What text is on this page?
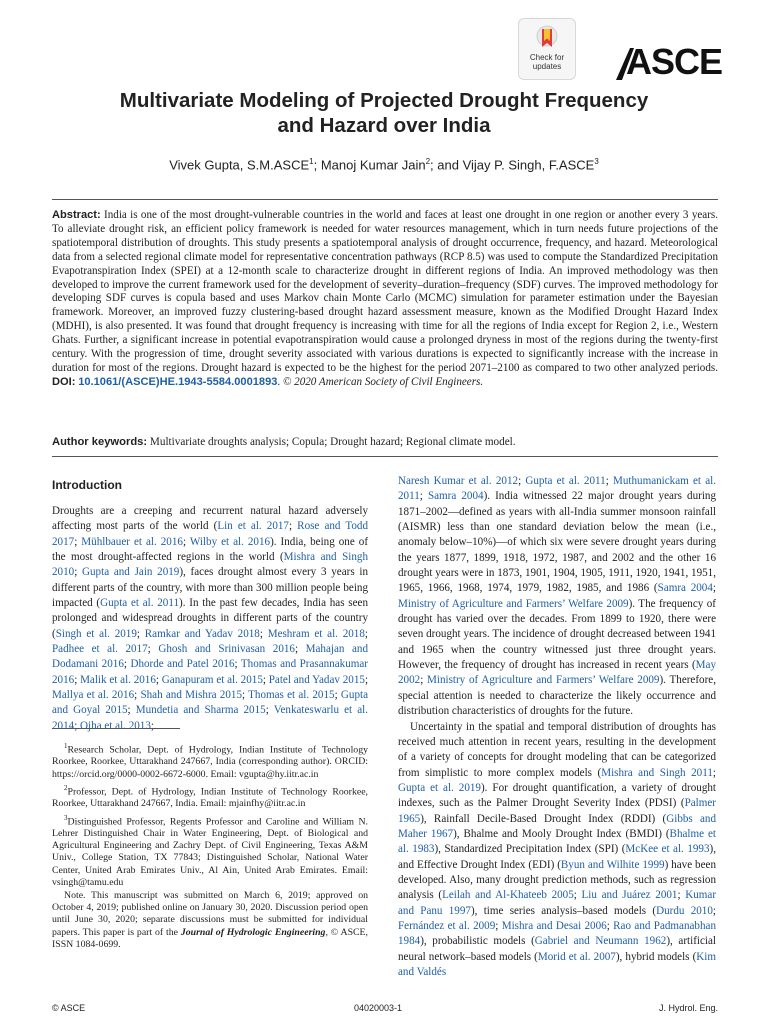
Check for
updates	ASCE
Multivariate Modeling of Projected Drought Frequency and Hazard over India
Vivek Gupta, S.M.ASCE$^1$; Manoj Kumar Jain$^2$; and Vijay P. Singh, F.ASCE$^3$

Abstract: India is one of the most drought-vulnerable countries in the world and faces at least one drought in one region or another every 3 years. To alleviate drought risk, an efficient policy framework is needed for water resources management, which in turn needs future projections of the spatiotemporal distribution of droughts. This study presents a spatiotemporal analysis of drought occurrence, frequency, and hazard. Meteorological data from a selected regional climate model for representative concentration pathways (RCP 8.5) was used to compute the Standardized Precipitation Evapotranspiration Index (SPEI) at a 12-month scale to characterize drought in different regions of India. An improved methodology was then developed to improve the current framework used for the development of severity–duration–frequency (SDF) curves. The improved methodology for developing SDF curves is copula based and uses Markov chain Monte Carlo (MCMC) simulation for parameter estimation under the Bayesian framework. Moreover, an improved fuzzy clustering-based drought hazard assessment measure, known as the Modified Drought Hazard Index (MDHI), is also presented. It was found that drought frequency is increasing with time for all the regions of India except for Region 2, i.e., Western Ghats. Further, a significant increase in potential evapotranspiration would cause a prolonged dryness in most of the regions during the twenty-first century. With the progression of time, drought severity associated with various durations is expected to significantly increase with the increase in duration for most of the regions. Drought hazard is expected to be the highest for the period 2071–2100 as compared to two other analyzed periods. DOI: 10.1061/(ASCE)HE.1943-5584.0001893. © 2020 American Society of Civil Engineers.

Author keywords: Multivariate droughts analysis; Copula; Drought hazard; Regional climate model.

Introduction

Droughts are a creeping and recurrent natural hazard adversely affecting most parts of the world (Lin et al. 2017; Rose and Todd 2017; Mühlbauer et al. 2016; Wilby et al. 2016). India, being one of the most drought-affected regions in the world (Mishra and Singh 2010; Gupta and Jain 2019), faces drought almost every 3 years in different parts of the country, with more than 300 million people being impacted (Gupta et al. 2011). In the past few decades, India has seen prolonged and widespread droughts in different parts of the country (Singh et al. 2019; Ramkar and Yadav 2018; Meshram et al. 2018; Padhee et al. 2017; Ghosh and Srinivasan 2016; Mahajan and Dodamani 2016; Dhorde and Patel 2016; Thomas and Prasannakumar 2016; Malik et al. 2016; Ganapuram et al. 2015; Patel and Yadav 2015; Mallya et al. 2016; Shah and Mishra 2015; Thomas et al. 2015; Gupta and Goyal 2015; Mundetia and Sharma 2015; Venkateswarlu et al. 2014; Ojha et al. 2013;

Naresh Kumar et al. 2012; Gupta et al. 2011; Muthumanickam et al. 2011; Samra 2004). India witnessed 22 major drought years during 1871–2002—defined as years with all-India summer monsoon rainfall (AISMR) less than one standard deviation below the mean (i.e., anomaly below–10%)—of which six were severe drought years during the years 1877, 1899, 1918, 1972, 1987, and 2002 and the other 16 drought years were in 1873, 1901, 1904, 1905, 1911, 1920, 1941, 1951, 1965, 1966, 1968, 1974, 1979, 1982, 1985, and 1986 (Samra 2004; Ministry of Agriculture and Farmers’ Welfare 2009). The frequency of drought has varied over the decades. From 1899 to 1920, there were seven drought years. The incidence of drought decreased between 1941 and 1965 when the country witnessed just three drought years. However, the frequency of drought has increased in recent years (May 2002; Ministry of Agriculture and Farmers’ Welfare 2009). Therefore, special attention is needed to characterize the likely occurrence and distribution characteristics of droughts for the future.

Uncertainty in the spatial and temporal distribution of droughts has received much attention in recent years, resulting in the development of a variety of concepts for drought modeling that can be categorized from simplistic to more complex models (Mishra and Singh 2011; Gupta et al. 2019). For drought quantification, a variety of drought indexes, such as the Palmer Drought Severity Index (PDSI) (Palmer 1965), Rainfall Decile-Based Drought Index (RDDI) (Gibbs and Maher 1967), Bhalme and Mooly Drought Index (BMDI) (Bhalme et al. 1983), Standardized Precipitation Index (SPI) (McKee et al. 1993), and Effective Drought Index (EDI) (Byun and Wilhite 1999) have been developed. Also, many drought prediction methods, such as regression analysis (Leilah and Al-Khateeb 2005; Liu and Juárez 2001; Kumar and Panu 1997), time series analysis–based models (Durdu 2010; Fernández et al. 2009; Mishra and Desai 2006; Rao and Padmanabhan 1984), probabilistic models (Gabriel and Neumann 1962), artificial neural network–based models (Morid et al. 2007), hybrid models (Kim and Valdés

$^1$Research Scholar, Dept. of Hydrology, Indian Institute of Technology Roorkee, Roorkee, Uttarakhand 247667, India (corresponding author). ORCID: https://orcid.org/0000-0002-6672-6000. Email: vgupta@hy.iitr.ac.in

$^2$Professor, Dept. of Hydrology, Indian Institute of Technology Roorkee, Roorkee, Uttarakhand 247667, India. Email: mjainfhy@iitr.ac.in

$^3$Distinguished Professor, Regents Professor and Caroline and William N. Lehrer Distinguished Chair in Water Engineering, Dept. of Biological and Agricultural Engineering and Zachry Dept. of Civil Engineering, Texas A&M Univ., College Station, TX 77843; Distinguished Scholar, National Water Center, United Arab Emirates Univ., Al Ain, United Arab Emirates. Email: vsingh@tamu.edu

Note. This manuscript was submitted on March 6, 2019; approved on October 4, 2019; published online on January 30, 2020. Discussion period open until June 30, 2020; separate discussions must be submitted for individual papers. This paper is part of the Journal of Hydrologic Engineering, © ASCE, ISSN 1084-0699.

© ASCE	04020003-1	J. Hydrol. Eng.
